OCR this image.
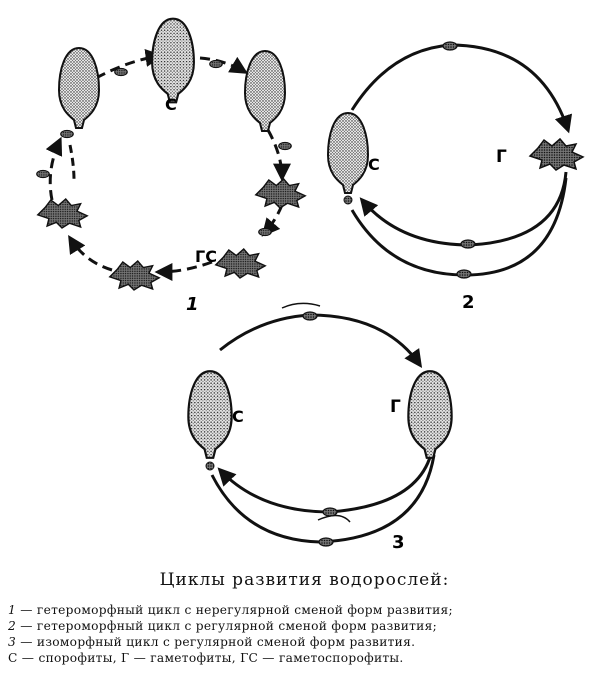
С
ГС
1
С	Г
2
С	Г
3
Циклы развития водорослей:
1 — гетероморфный цикл с нерегулярной сменой форм развития;
2 — гетероморфный цикл с регулярной сменой форм развития;
3 — изоморфный цикл с регулярной сменой форм развития.
С — спорофиты, Г — гаметофиты, ГС — гаметоспорофиты.
